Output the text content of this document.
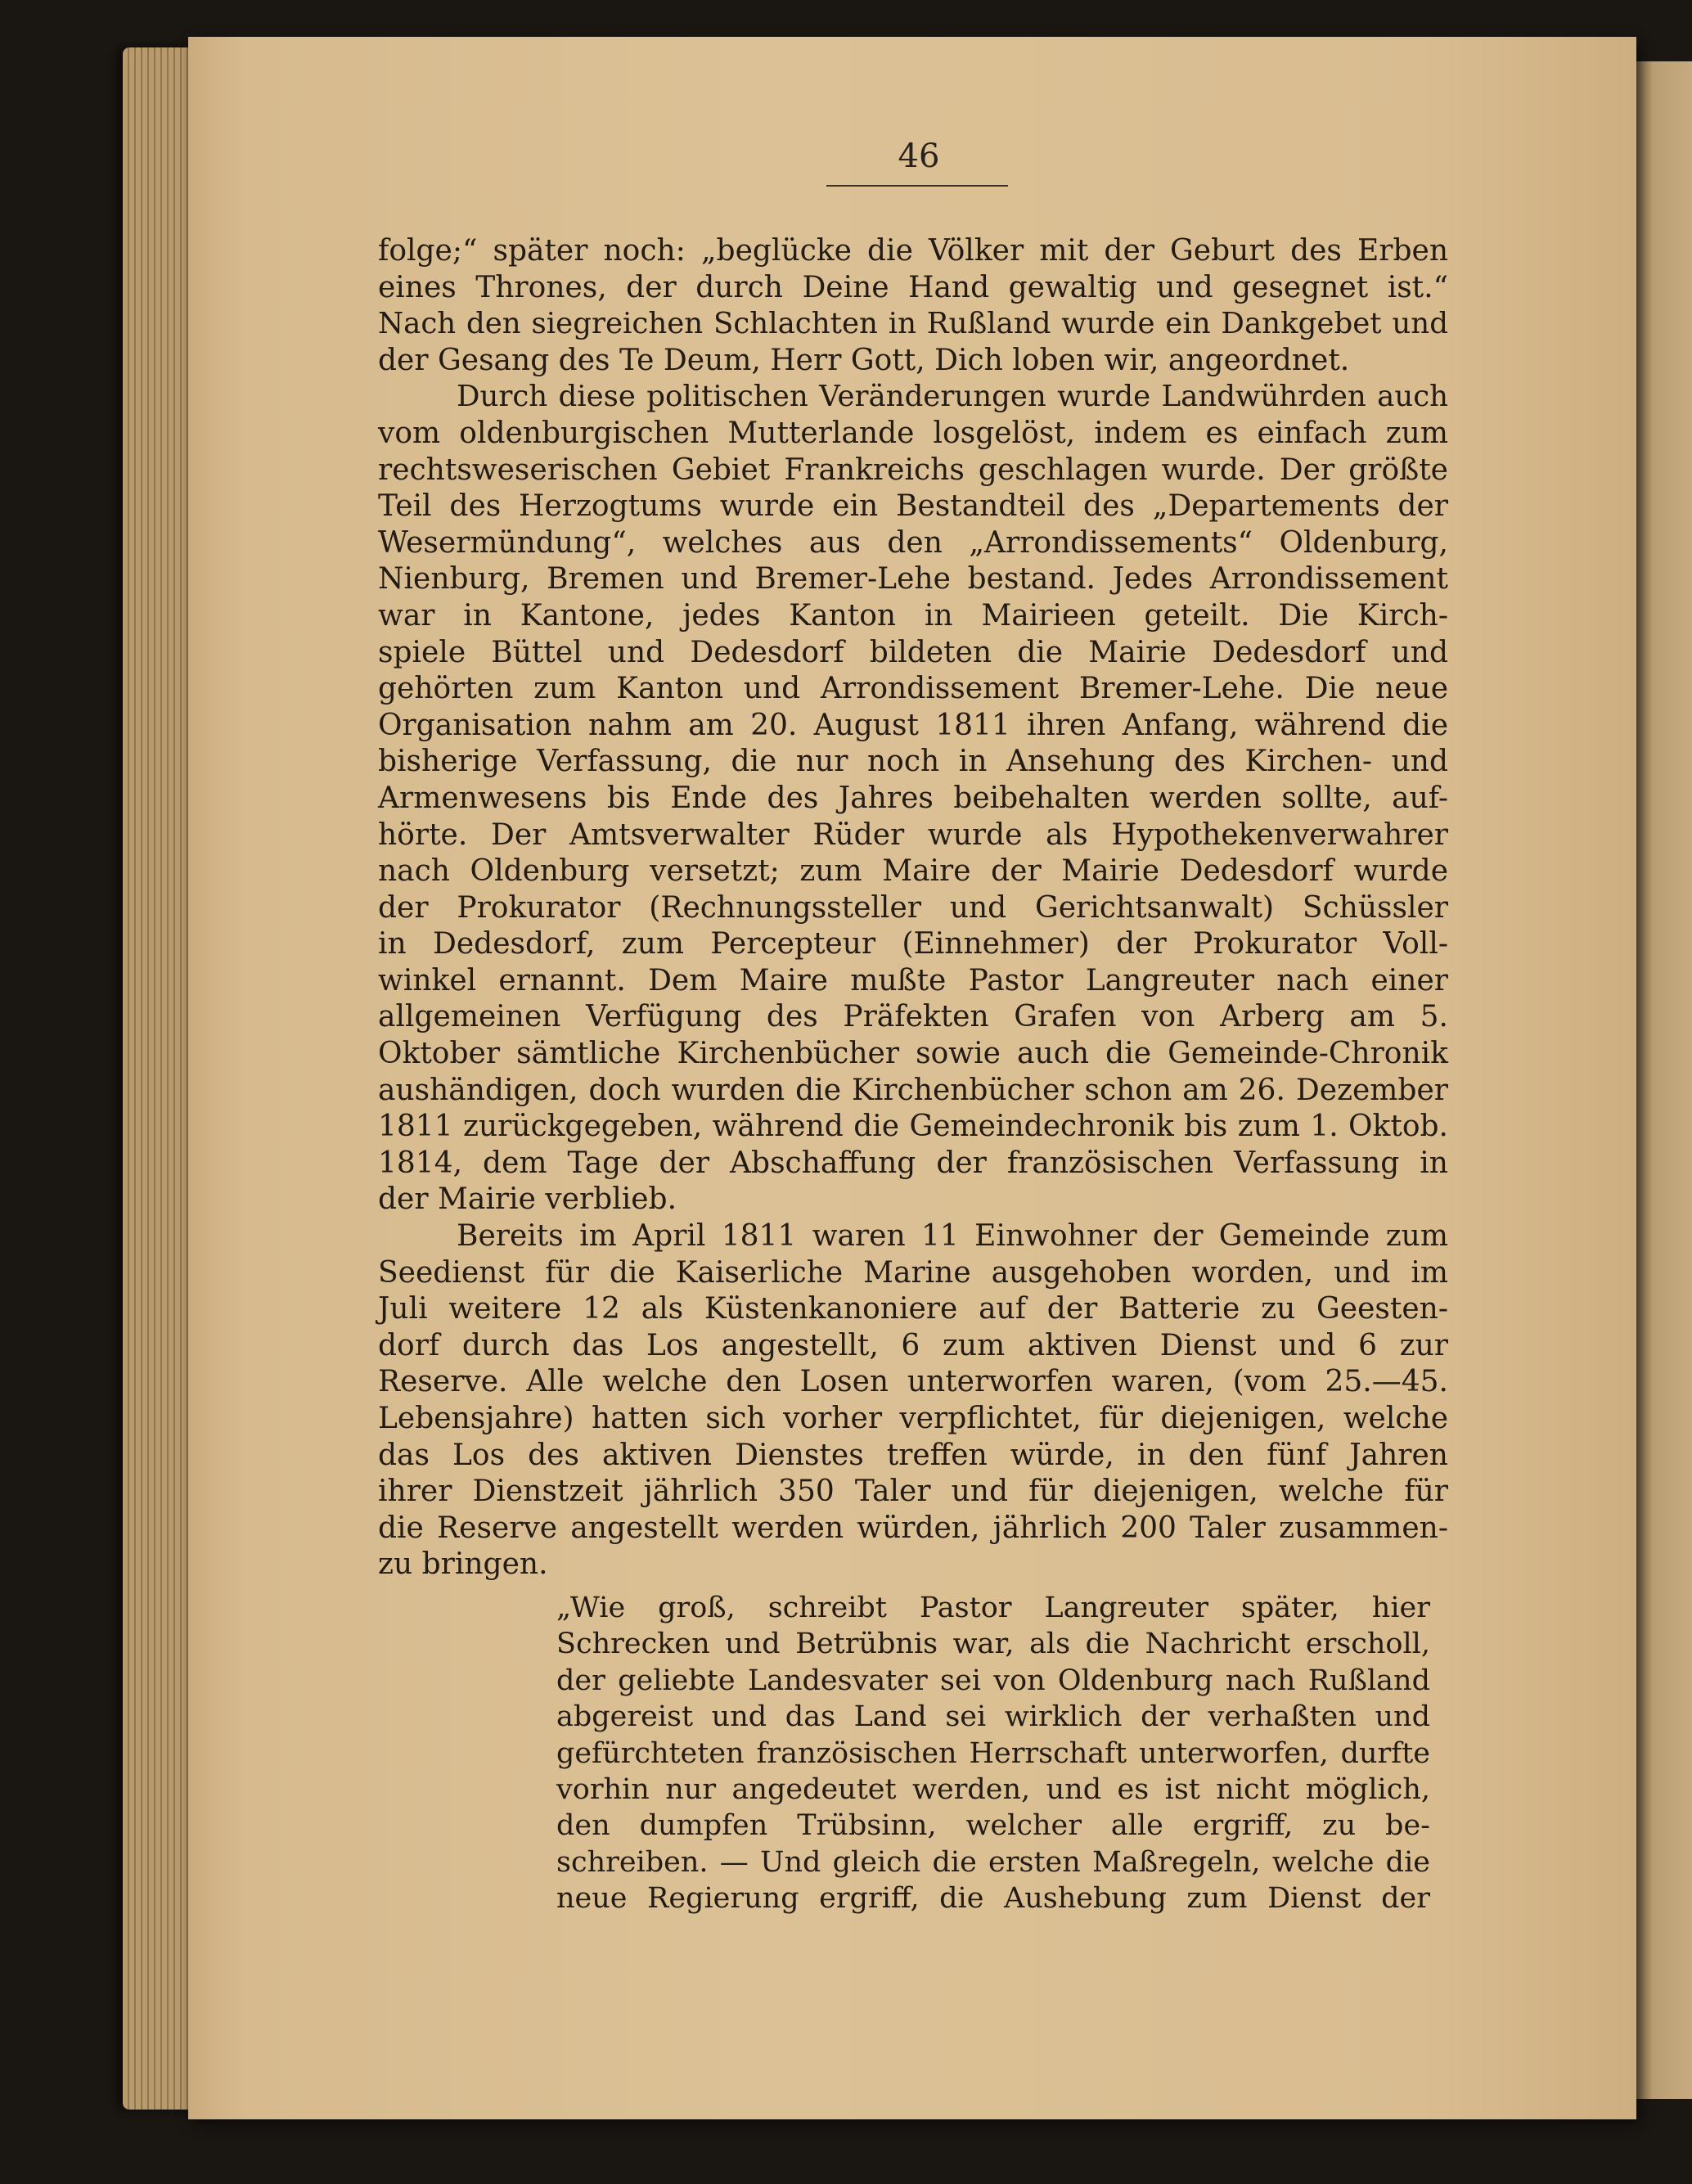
46
folge;“ später noch: „beglücke die Völker mit der Geburt des Erben
eines Thrones, der durch Deine Hand gewaltig und gesegnet ist.“
Nach den siegreichen Schlachten in Rußland wurde ein Dankgebet und
der Gesang des Te Deum, Herr Gott, Dich loben wir, angeordnet.
Durch diese politischen Veränderungen wurde Landwührden auch
vom oldenburgischen Mutterlande losgelöst, indem es einfach zum
rechtsweserischen Gebiet Frankreichs geschlagen wurde. Der größte
Teil des Herzogtums wurde ein Bestandteil des „Departements der
Wesermündung“, welches aus den „Arrondissements“ Oldenburg,
Nienburg, Bremen und Bremer-Lehe bestand. Jedes Arrondissement
war in Kantone, jedes Kanton in Mairieen geteilt. Die Kirch-
spiele Büttel und Dedesdorf bildeten die Mairie Dedesdorf und
gehörten zum Kanton und Arrondissement Bremer-Lehe. Die neue
Organisation nahm am 20. August 1811 ihren Anfang, während die
bisherige Verfassung, die nur noch in Ansehung des Kirchen- und
Armenwesens bis Ende des Jahres beibehalten werden sollte, auf-
hörte. Der Amtsverwalter Rüder wurde als Hypothekenverwahrer
nach Oldenburg versetzt; zum Maire der Mairie Dedesdorf wurde
der Prokurator (Rechnungssteller und Gerichtsanwalt) Schüssler
in Dedesdorf, zum Percepteur (Einnehmer) der Prokurator Voll-
winkel ernannt. Dem Maire mußte Pastor Langreuter nach einer
allgemeinen Verfügung des Präfekten Grafen von Arberg am 5.
Oktober sämtliche Kirchenbücher sowie auch die Gemeinde-Chronik
aushändigen, doch wurden die Kirchenbücher schon am 26. Dezember
1811 zurückgegeben, während die Gemeindechronik bis zum 1. Oktob.
1814, dem Tage der Abschaffung der französischen Verfassung in
der Mairie verblieb.
Bereits im April 1811 waren 11 Einwohner der Gemeinde zum
Seedienst für die Kaiserliche Marine ausgehoben worden, und im
Juli weitere 12 als Küstenkanoniere auf der Batterie zu Geesten-
dorf durch das Los angestellt, 6 zum aktiven Dienst und 6 zur
Reserve. Alle welche den Losen unterworfen waren, (vom 25.—45.
Lebensjahre) hatten sich vorher verpflichtet, für diejenigen, welche
das Los des aktiven Dienstes treffen würde, in den fünf Jahren
ihrer Dienstzeit jährlich 350 Taler und für diejenigen, welche für
die Reserve angestellt werden würden, jährlich 200 Taler zusammen-
zu bringen.
„Wie groß, schreibt Pastor Langreuter später, hier
Schrecken und Betrübnis war, als die Nachricht erscholl,
der geliebte Landesvater sei von Oldenburg nach Rußland
abgereist und das Land sei wirklich der verhaßten und
gefürchteten französischen Herrschaft unterworfen, durfte
vorhin nur angedeutet werden, und es ist nicht möglich,
den dumpfen Trübsinn, welcher alle ergriff, zu be-
schreiben. — Und gleich die ersten Maßregeln, welche die
neue Regierung ergriff, die Aushebung zum Dienst der
